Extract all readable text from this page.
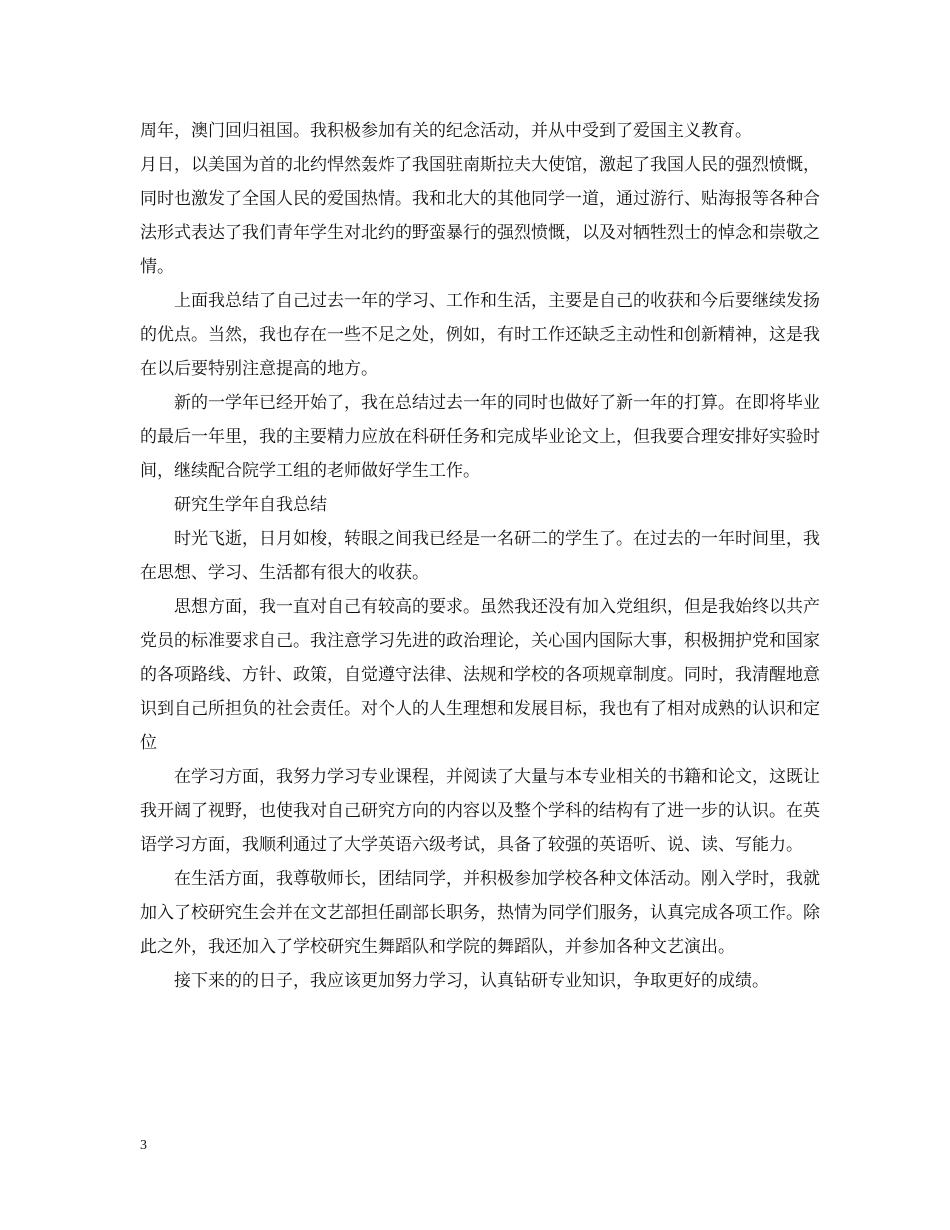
周年，澳门回归祖国。我积极参加有关的纪念活动，并从中受到了爱国主义教育。

月日，以美国为首的北约悍然轰炸了我国驻南斯拉夫大使馆，激起了我国人民的强烈愤慨，同时也激发了全国人民的爱国热情。我和北大的其他同学一道，通过游行、贴海报等各种合法形式表达了我们青年学生对北约的野蛮暴行的强烈愤慨，以及对牺牲烈士的悼念和崇敬之情。

上面我总结了自己过去一年的学习、工作和生活，主要是自己的收获和今后要继续发扬的优点。当然，我也存在一些不足之处，例如，有时工作还缺乏主动性和创新精神，这是我在以后要特别注意提高的地方。

新的一学年已经开始了，我在总结过去一年的同时也做好了新一年的打算。在即将毕业的最后一年里，我的主要精力应放在科研任务和完成毕业论文上，但我要合理安排好实验时间，继续配合院学工组的老师做好学生工作。

研究生学年自我总结

时光飞逝，日月如梭，转眼之间我已经是一名研二的学生了。在过去的一年时间里，我在思想、学习、生活都有很大的收获。

思想方面，我一直对自己有较高的要求。虽然我还没有加入党组织，但是我始终以共产党员的标准要求自己。我注意学习先进的政治理论，关心国内国际大事，积极拥护党和国家的各项路线、方针、政策，自觉遵守法律、法规和学校的各项规章制度。同时，我清醒地意识到自己所担负的社会责任。对个人的人生理想和发展目标，我也有了相对成熟的认识和定位

在学习方面，我努力学习专业课程，并阅读了大量与本专业相关的书籍和论文，这既让我开阔了视野，也使我对自己研究方向的内容以及整个学科的结构有了进一步的认识。在英语学习方面，我顺利通过了大学英语六级考试，具备了较强的英语听、说、读、写能力。

在生活方面，我尊敬师长，团结同学，并积极参加学校各种文体活动。刚入学时，我就加入了校研究生会并在文艺部担任副部长职务，热情为同学们服务，认真完成各项工作。除此之外，我还加入了学校研究生舞蹈队和学院的舞蹈队，并参加各种文艺演出。

接下来的的日子，我应该更加努力学习，认真钻研专业知识，争取更好的成绩。

3
